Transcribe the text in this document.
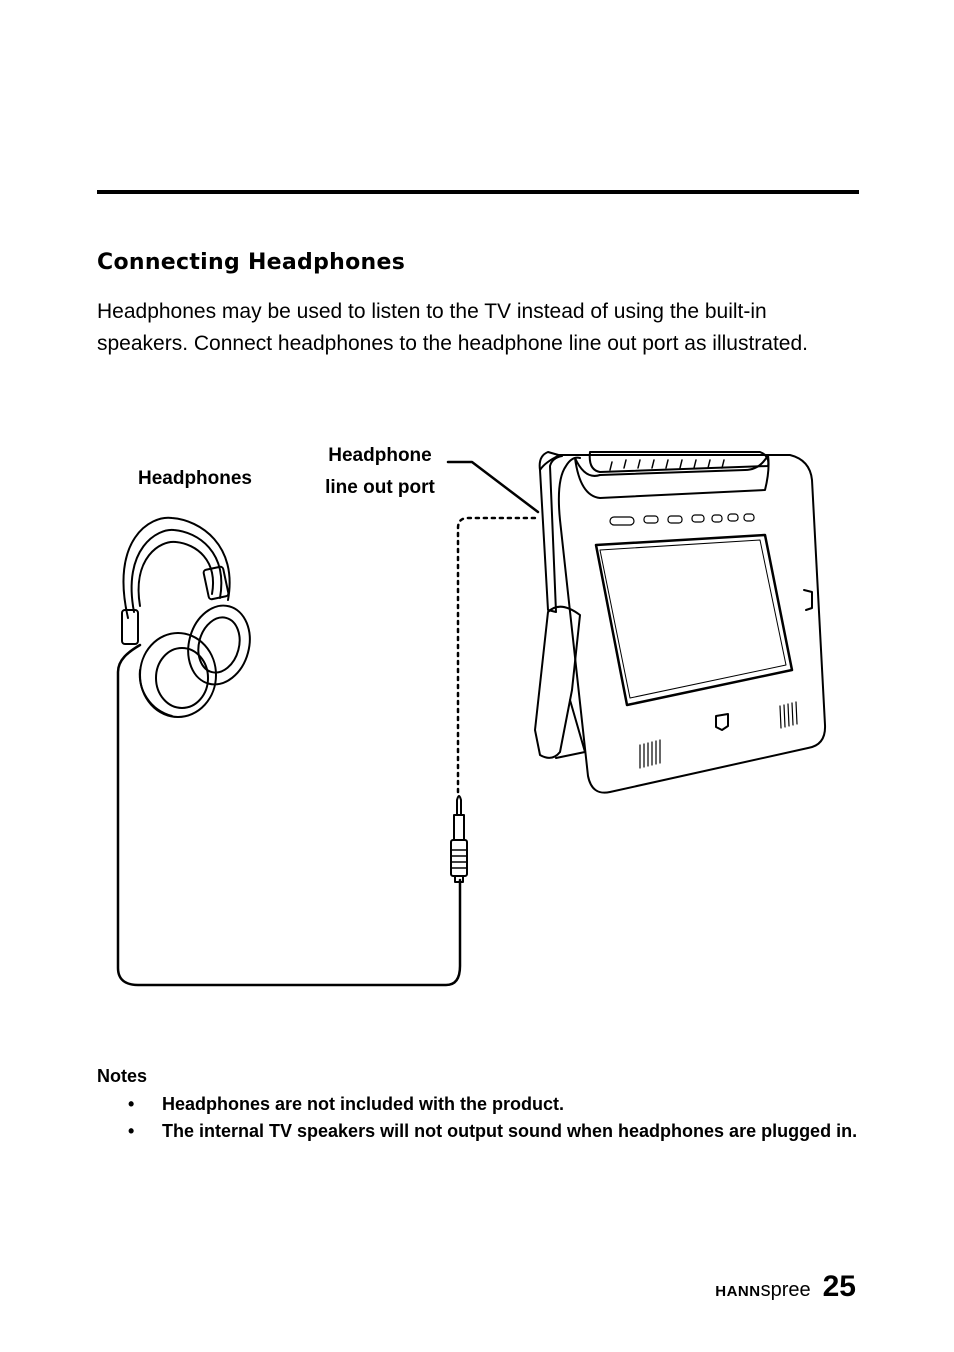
Connecting Headphones

Headphones may be used to listen to the TV instead of using the built-in speakers. Connect headphones to the headphone line out port as illustrated.

Headphones
Headphone
line out port
Notes
• Headphones are not included with the product.
• The internal TV speakers will not output sound when headphones are plugged in.
HANN spree 25
